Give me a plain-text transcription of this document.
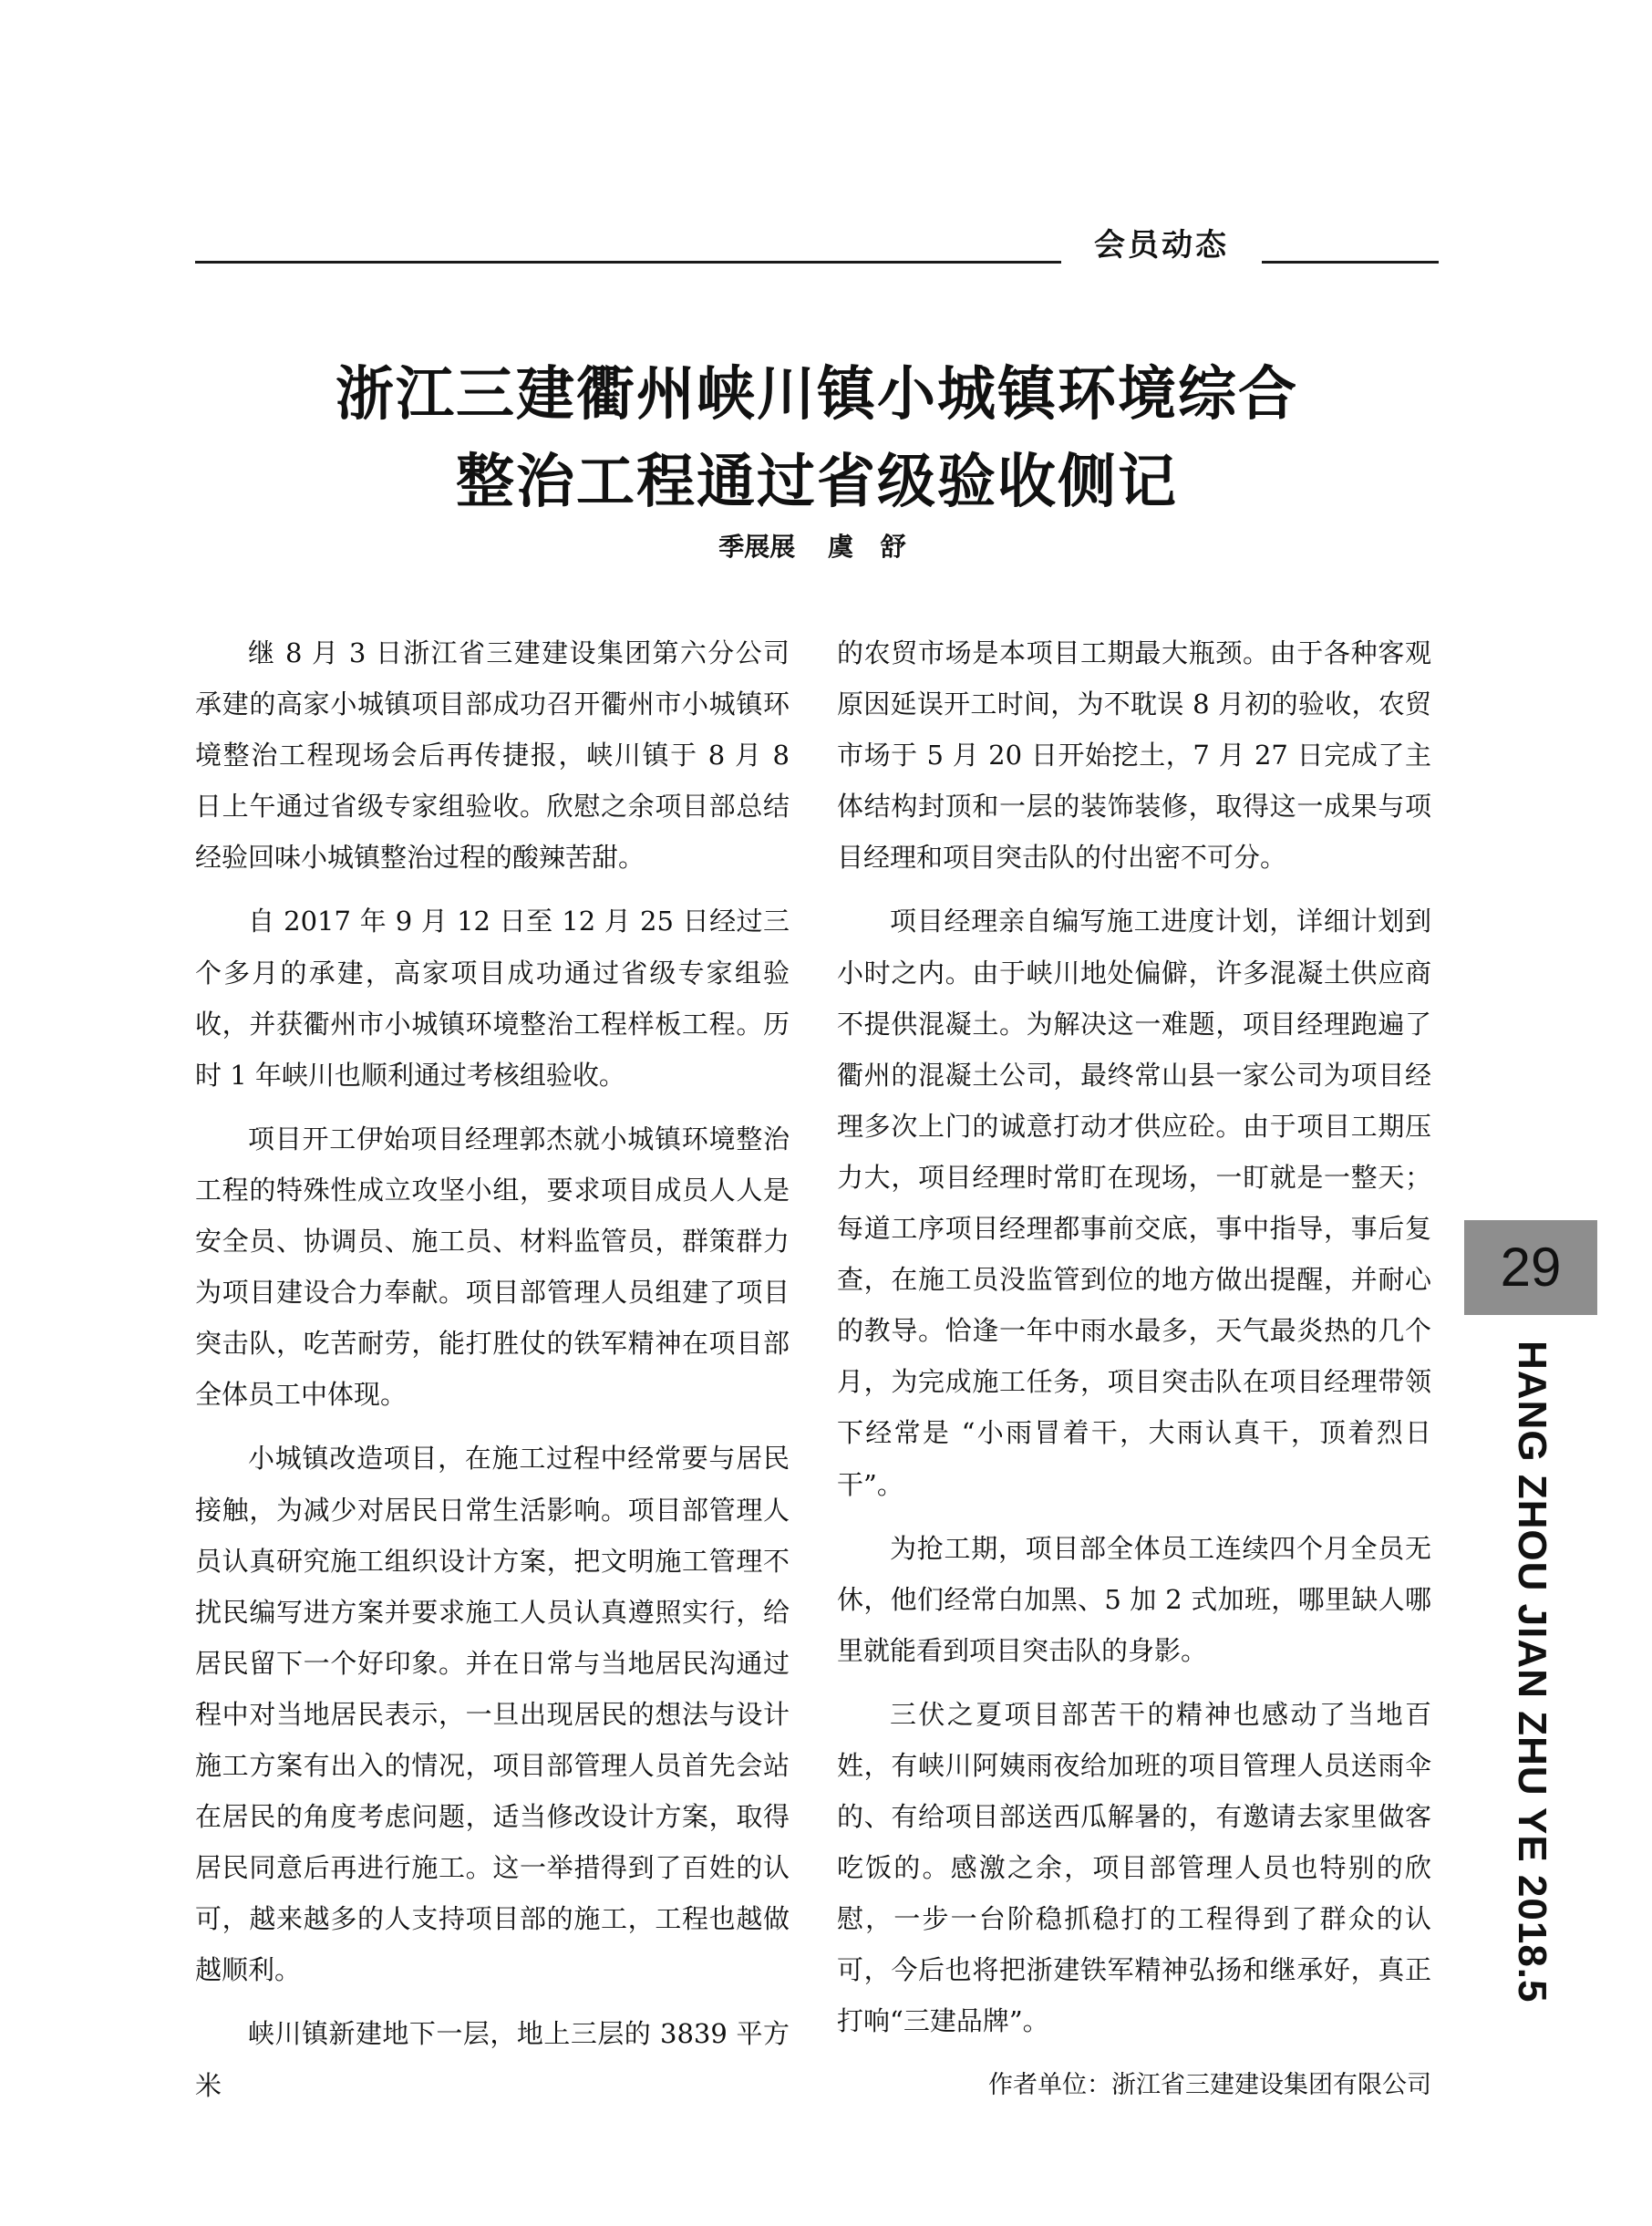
会员动态
浙江三建衢州峡川镇小城镇环境综合
整治工程通过省级验收侧记
季展展 虞 舒

继 8 月 3 日浙江省三建建设集团第六分公司承建的高家小城镇项目部成功召开衢州市小城镇环境整治工程现场会后再传捷报，峡川镇于 8 月 8 日上午通过省级专家组验收。欣慰之余项目部总结经验回味小城镇整治过程的酸辣苦甜。

自 2017 年 9 月 12 日至 12 月 25 日经过三个多月的承建，高家项目成功通过省级专家组验收，并获衢州市小城镇环境整治工程样板工程。历时 1 年峡川也顺利通过考核组验收。

项目开工伊始项目经理郭杰就小城镇环境整治工程的特殊性成立攻坚小组，要求项目成员人人是安全员、协调员、施工员、材料监管员，群策群力为项目建设合力奉献。项目部管理人员组建了项目突击队，吃苦耐劳，能打胜仗的铁军精神在项目部全体员工中体现。

小城镇改造项目，在施工过程中经常要与居民接触，为减少对居民日常生活影响。项目部管理人员认真研究施工组织设计方案，把文明施工管理不扰民编写进方案并要求施工人员认真遵照实行，给居民留下一个好印象。并在日常与当地居民沟通过程中对当地居民表示，一旦出现居民的想法与设计施工方案有出入的情况，项目部管理人员首先会站在居民的角度考虑问题，适当修改设计方案，取得居民同意后再进行施工。这一举措得到了百姓的认可，越来越多的人支持项目部的施工，工程也越做越顺利。

峡川镇新建地下一层，地上三层的 3839 平方米

的农贸市场是本项目工期最大瓶颈。由于各种客观原因延误开工时间，为不耽误 8 月初的验收，农贸市场于 5 月 20 日开始挖土，7 月 27 日完成了主体结构封顶和一层的装饰装修，取得这一成果与项目经理和项目突击队的付出密不可分。

项目经理亲自编写施工进度计划，详细计划到小时之内。由于峡川地处偏僻，许多混凝土供应商不提供混凝土。为解决这一难题，项目经理跑遍了衢州的混凝土公司，最终常山县一家公司为项目经理多次上门的诚意打动才供应砼。由于项目工期压力大，项目经理时常盯在现场，一盯就是一整天；每道工序项目经理都事前交底，事中指导，事后复查，在施工员没监管到位的地方做出提醒，并耐心的教导。恰逢一年中雨水最多，天气最炎热的几个月，为完成施工任务，项目突击队在项目经理带领下经常是 “小雨冒着干，大雨认真干，顶着烈日干”。

为抢工期，项目部全体员工连续四个月全员无休，他们经常白加黑、5 加 2 式加班，哪里缺人哪里就能看到项目突击队的身影。

三伏之夏项目部苦干的精神也感动了当地百姓，有峡川阿姨雨夜给加班的项目管理人员送雨伞的、有给项目部送西瓜解暑的，有邀请去家里做客吃饭的。感激之余，项目部管理人员也特别的欣慰，一步一台阶稳抓稳打的工程得到了群众的认可，今后也将把浙建铁军精神弘扬和继承好，真正打响“三建品牌”。

作者单位：浙江省三建建设集团有限公司

29
HANG ZHOU JIAN ZHU YE 2018.5
